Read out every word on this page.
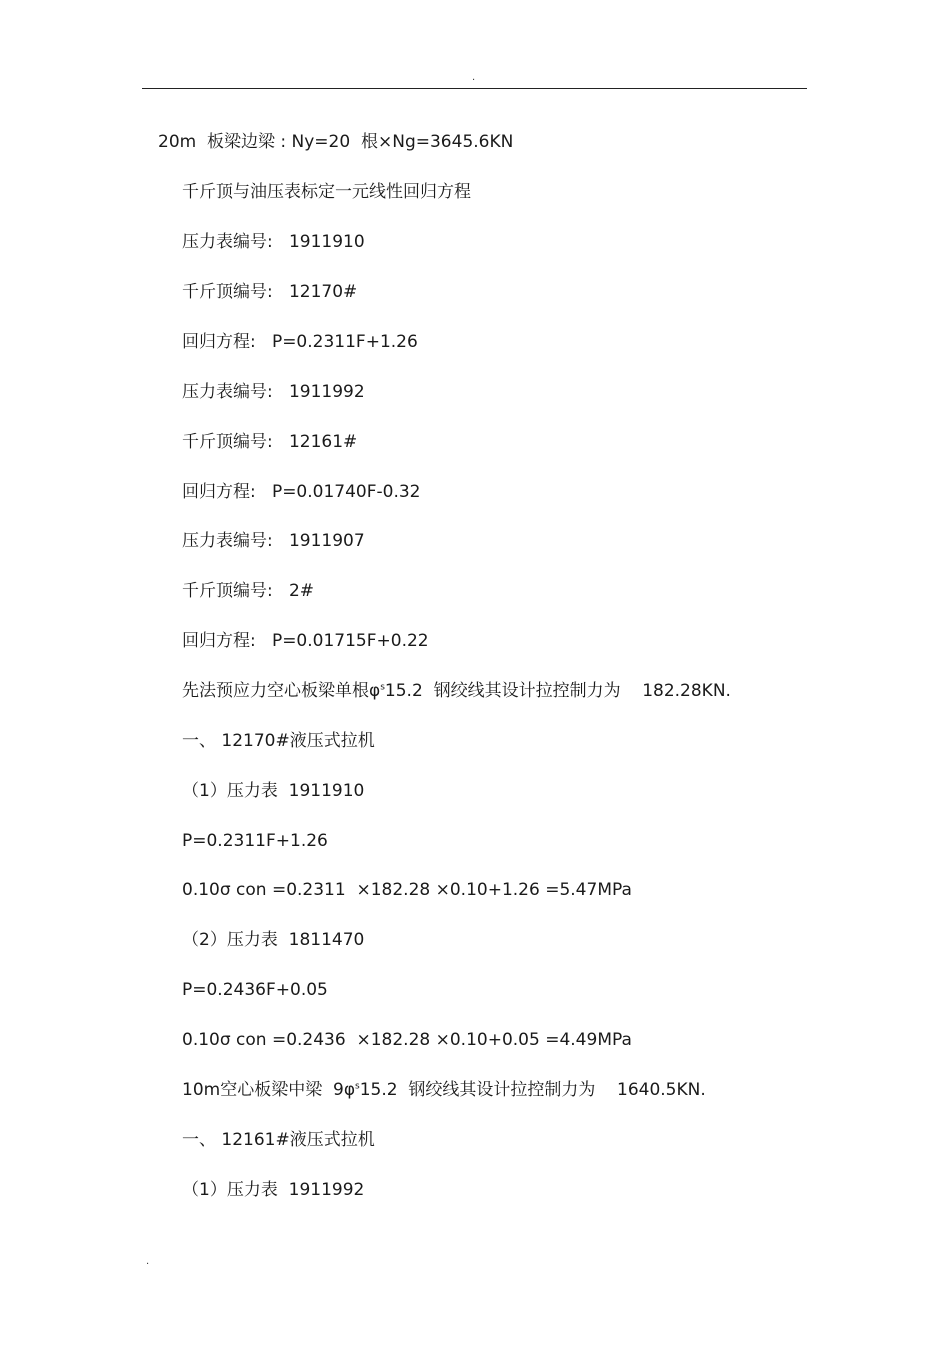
.
20m  板梁边梁 : Ny=20  根×Ng=3645.6KN
千斤顶与油压表标定一元线性回归方程
压力表编号:   1911910
千斤顶编号:   12170#
回归方程:   P=0.2311F+1.26
压力表编号:   1911992
千斤顶编号:   12161#
回归方程:   P=0.01740F-0.32
压力表编号:   1911907
千斤顶编号:   2#
回归方程:   P=0.01715F+0.22
先法预应力空心板梁单根$\varphi^s15.2$  钢绞线其设计拉控制力为    182.28KN.
一、 12170#液压式拉机
（1）压力表  1911910
P=0.2311F+1.26
0.10σ con =0.2311  ×182.28 ×0.10+1.26 =5.47MPa
（2）压力表  1811470
P=0.2436F+0.05
0.10σ con =0.2436  ×182.28 ×0.10+0.05 =4.49MPa
10m空心板梁中梁  $9\varphi^s15.2$  钢绞线其设计拉控制力为    1640.5KN.
一、 12161#液压式拉机
（1）压力表  1911992
.
